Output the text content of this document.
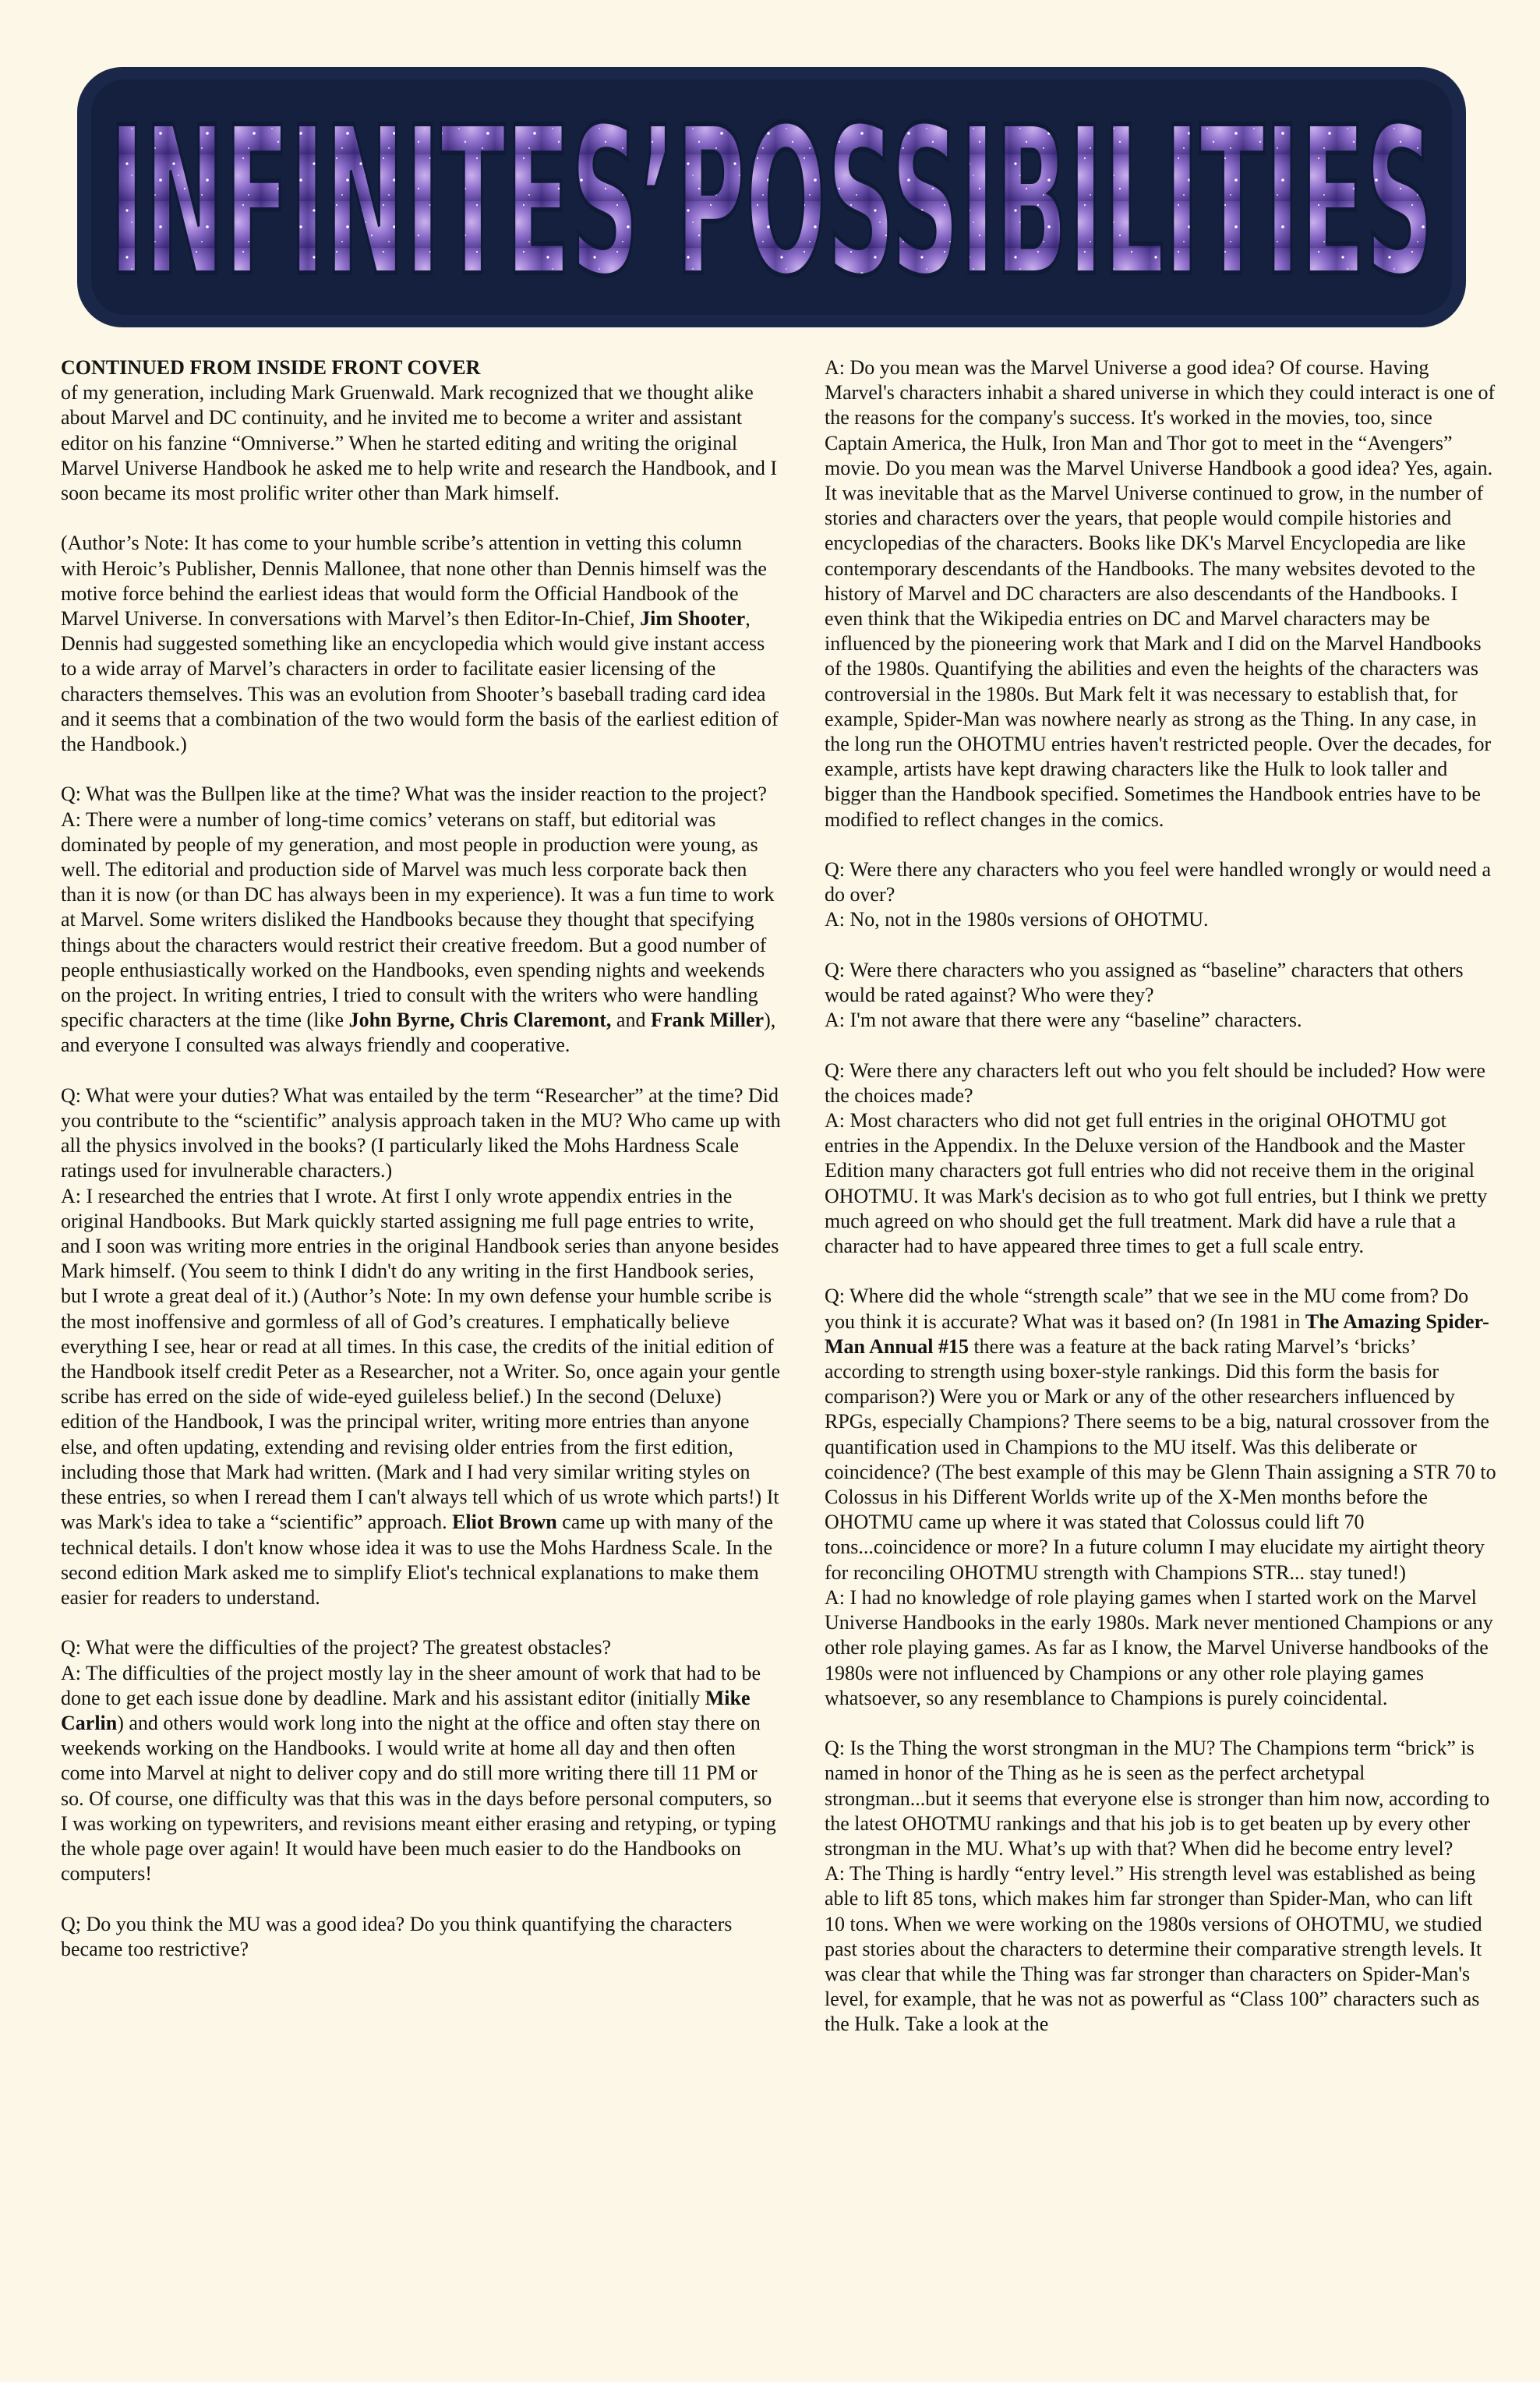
INFINITES’POSSIBILITIES

CONTINUED FROM INSIDE FRONT COVER
of my generation, including Mark Gruenwald. Mark recognized that we thought alike about Marvel and DC continuity, and he invited me to become a writer and assistant editor on his fanzine “Omniverse.” When he started editing and writing the original Marvel Universe Handbook he asked me to help write and research the Handbook, and I soon became its most prolific writer other than Mark himself.

(Author’s Note: It has come to your humble scribe’s attention in vetting this column with Heroic’s Publisher, Dennis Mallonee, that none other than Dennis himself was the motive force behind the earliest ideas that would form the Official Handbook of the Marvel Universe. In conversations with Marvel’s then Editor-In-Chief, Jim Shooter, Dennis had suggested something like an encyclopedia which would give instant access to a wide array of Marvel’s characters in order to facilitate easier licensing of the characters themselves. This was an evolution from Shooter’s baseball trading card idea and it seems that a combination of the two would form the basis of the earliest edition of the Handbook.)

Q: What was the Bullpen like at the time? What was the insider reaction to the project?
A: There were a number of long-time comics’ veterans on staff, but editorial was dominated by people of my generation, and most people in production were young, as well. The editorial and production side of Marvel was much less corporate back then than it is now (or than DC has always been in my experience). It was a fun time to work at Marvel. Some writers disliked the Handbooks because they thought that specifying things about the characters would restrict their creative freedom. But a good number of people enthusiastically worked on the Handbooks, even spending nights and weekends on the project. In writing entries, I tried to consult with the writers who were handling specific characters at the time (like John Byrne, Chris Claremont, and Frank Miller), and everyone I consulted was always friendly and cooperative.

Q: What were your duties? What was entailed by the term “Researcher” at the time? Did you contribute to the “scientific” analysis approach taken in the MU? Who came up with all the physics involved in the books? (I particularly liked the Mohs Hardness Scale ratings used for invulnerable characters.)
A: I researched the entries that I wrote. At first I only wrote appendix entries in the original Handbooks. But Mark quickly started assigning me full page entries to write, and I soon was writing more entries in the original Handbook series than anyone besides Mark himself. (You seem to think I didn't do any writing in the first Handbook series, but I wrote a great deal of it.) (Author’s Note: In my own defense your humble scribe is the most inoffensive and gormless of all of God’s creatures. I emphatically believe everything I see, hear or read at all times. In this case, the credits of the initial edition of the Handbook itself credit Peter as a Researcher, not a Writer. So, once again your gentle scribe has erred on the side of wide-eyed guileless belief.) In the second (Deluxe) edition of the Handbook, I was the principal writer, writing more entries than anyone else, and often updating, extending and revising older entries from the first edition, including those that Mark had written. (Mark and I had very similar writing styles on these entries, so when I reread them I can't always tell which of us wrote which parts!) It was Mark's idea to take a “scientific” approach. Eliot Brown came up with many of the technical details. I don't know whose idea it was to use the Mohs Hardness Scale. In the second edition Mark asked me to simplify Eliot's technical explanations to make them easier for readers to understand.

Q: What were the difficulties of the project? The greatest obstacles?
A: The difficulties of the project mostly lay in the sheer amount of work that had to be done to get each issue done by deadline. Mark and his assistant editor (initially Mike Carlin) and others would work long into the night at the office and often stay there on weekends working on the Handbooks. I would write at home all day and then often come into Marvel at night to deliver copy and do still more writing there till 11 PM or so. Of course, one difficulty was that this was in the days before personal computers, so I was working on typewriters, and revisions meant either erasing and retyping, or typing the whole page over again! It would have been much easier to do the Handbooks on computers!

Q; Do you think the MU was a good idea? Do you think quantifying the characters became too restrictive?

A: Do you mean was the Marvel Universe a good idea? Of course. Having Marvel's characters inhabit a shared universe in which they could interact is one of the reasons for the company's success. It's worked in the movies, too, since Captain America, the Hulk, Iron Man and Thor got to meet in the “Avengers” movie. Do you mean was the Marvel Universe Handbook a good idea? Yes, again. It was inevitable that as the Marvel Universe continued to grow, in the number of stories and characters over the years, that people would compile histories and encyclopedias of the characters. Books like DK's Marvel Encyclopedia are like contemporary descendants of the Handbooks. The many websites devoted to the history of Marvel and DC characters are also descendants of the Handbooks. I even think that the Wikipedia entries on DC and Marvel characters may be influenced by the pioneering work that Mark and I did on the Marvel Handbooks of the 1980s. Quantifying the abilities and even the heights of the characters was controversial in the 1980s. But Mark felt it was necessary to establish that, for example, Spider-Man was nowhere nearly as strong as the Thing. In any case, in the long run the OHOTMU entries haven't restricted people. Over the decades, for example, artists have kept drawing characters like the Hulk to look taller and bigger than the Handbook specified. Sometimes the Handbook entries have to be modified to reflect changes in the comics.

Q: Were there any characters who you feel were handled wrongly or would need a do over?
A: No, not in the 1980s versions of OHOTMU.

Q: Were there characters who you assigned as “baseline” characters that others would be rated against? Who were they?
A: I'm not aware that there were any “baseline” characters.

Q: Were there any characters left out who you felt should be included? How were the choices made?
A: Most characters who did not get full entries in the original OHOTMU got entries in the Appendix. In the Deluxe version of the Handbook and the Master Edition many characters got full entries who did not receive them in the original OHOTMU. It was Mark's decision as to who got full entries, but I think we pretty much agreed on who should get the full treatment. Mark did have a rule that a character had to have appeared three times to get a full scale entry.

Q: Where did the whole “strength scale” that we see in the MU come from? Do you think it is accurate? What was it based on? (In 1981 in The Amazing Spider-Man Annual #15 there was a feature at the back rating Marvel’s ‘bricks’ according to strength using boxer-style rankings. Did this form the basis for comparison?) Were you or Mark or any of the other researchers influenced by RPGs, especially Champions? There seems to be a big, natural crossover from the quantification used in Champions to the MU itself. Was this deliberate or coincidence? (The best example of this may be Glenn Thain assigning a STR 70 to Colossus in his Different Worlds write up of the X-Men months before the OHOTMU came up where it was stated that Colossus could lift 70 tons...coincidence or more? In a future column I may elucidate my airtight theory for reconciling OHOTMU strength with Champions STR... stay tuned!)
A: I had no knowledge of role playing games when I started work on the Marvel Universe Handbooks in the early 1980s. Mark never mentioned Champions or any other role playing games. As far as I know, the Marvel Universe handbooks of the 1980s were not influenced by Champions or any other role playing games whatsoever, so any resemblance to Champions is purely coincidental.

Q: Is the Thing the worst strongman in the MU? The Champions term “brick” is named in honor of the Thing as he is seen as the perfect archetypal strongman...but it seems that everyone else is stronger than him now, according to the latest OHOTMU rankings and that his job is to get beaten up by every other strongman in the MU. What’s up with that? When did he become entry level?
A: The Thing is hardly “entry level.” His strength level was established as being able to lift 85 tons, which makes him far stronger than Spider-Man, who can lift 10 tons. When we were working on the 1980s versions of OHOTMU, we studied past stories about the characters to determine their comparative strength levels. It was clear that while the Thing was far stronger than characters on Spider-Man's level, for example, that he was not as powerful as “Class 100” characters such as the Hulk. Take a look at the
